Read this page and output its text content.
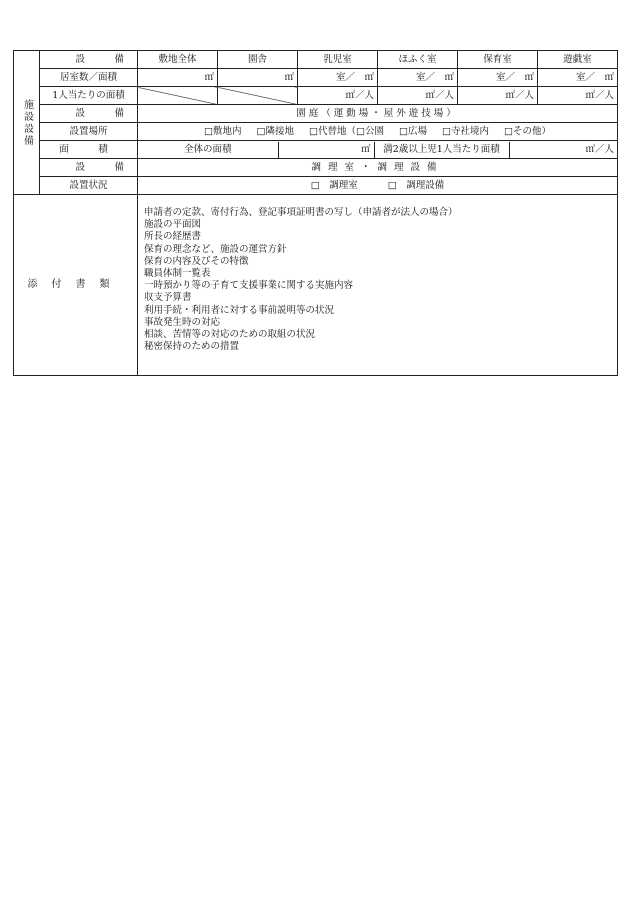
施設設備	設　備	敷地全体	園舎	乳児室	ほふく室	保育室	遊戯室
居室数／面積	㎡	㎡	室／　㎡	室／　㎡	室／　㎡	室／　㎡
1人当たりの面積			㎡／人	㎡／人	㎡／人	㎡／人
設　備	園庭（運動場・屋外遊技場）
設置場所	□敷地内 □隣接地 □代替地（□公園 □広場 □寺社境内 □その他）
面　積		全体の面積	㎡	満2歳以上児1人当たり面積	㎡／人

設　備	調理室・調理設備
設置状況	□　調理室	□　調理設備
添付書類	
申請者の定款、寄付行為、登記事項証明書の写し（申請者が法人の場合）
施設の平面図
所長の経歴書
保育の理念など、施設の運営方針
保育の内容及びその特徴
職員体制一覧表
一時預かり等の子育て支援事業に関する実施内容
収支予算書
利用手続・利用者に対する事前説明等の状況
事故発生時の対応
相談、苦情等の対応のための取組の状況
秘密保持のための措置
